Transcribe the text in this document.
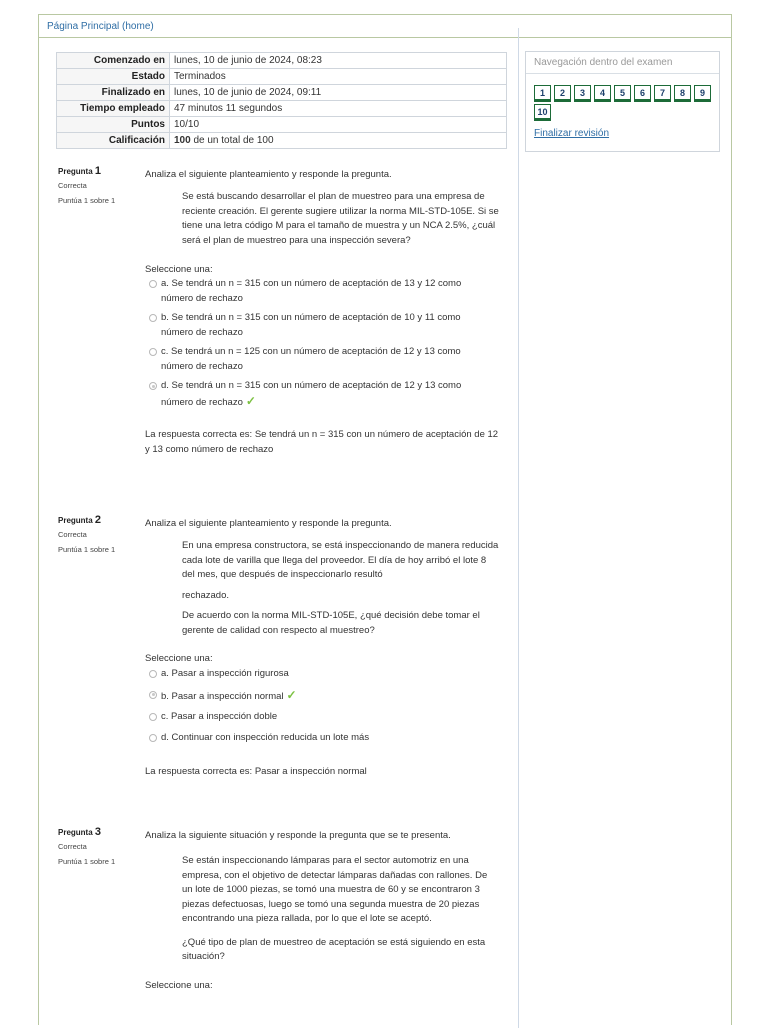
Página Principal (home)
Comenzado en	lunes, 10 de junio de 2024, 08:23
Estado	Terminados
Finalizado en	lunes, 10 de junio de 2024, 09:11
Tiempo empleado	47 minutos 11 segundos
Puntos	10/10
Calificación	100 de un total de 100
Navegación dentro del examen
1	2	3	4	5	6	7	8	9
10
Finalizar revisión
Pregunta 1
Correcta
Puntúa 1 sobre 1

Analiza el siguiente planteamiento y responde la pregunta.

Se está buscando desarrollar el plan de muestreo para una empresa de reciente creación. El gerente sugiere utilizar la norma MIL-STD-105E. Si se tiene una letra código M para el tamaño de muestra y un NCA 2.5%, ¿cuál será el plan de muestreo para una inspección severa?
Seleccione una:
a. Se tendrá un n = 315 con un número de aceptación de 13 y 12 como número de rechazo
b. Se tendrá un n = 315 con un número de aceptación de 10 y 11 como número de rechazo
c. Se tendrá un n = 125 con un número de aceptación de 12 y 13 como número de rechazo
d. Se tendrá un n = 315 con un número de aceptación de 12 y 13 como número de rechazo ✓
La respuesta correcta es: Se tendrá un n = 315 con un número de aceptación de 12 y 13 como número de rechazo
Pregunta 2
Correcta
Puntúa 1 sobre 1

Analiza el siguiente planteamiento y responde la pregunta.

En una empresa constructora, se está inspeccionando de manera reducida cada lote de varilla que llega del proveedor. El día de hoy arribó el lote 8 del mes, que después de inspeccionarlo resultó
rechazado.
De acuerdo con la norma MIL-STD-105E, ¿qué decisión debe tomar el gerente de calidad con respecto al muestreo?
Seleccione una:
a. Pasar a inspección rigurosa
b. Pasar a inspección normal ✓
c. Pasar a inspección doble
d. Continuar con inspección reducida un lote más
La respuesta correcta es: Pasar a inspección normal
Pregunta 3
Correcta
Puntúa 1 sobre 1

Analiza la siguiente situación y responde la pregunta que se te presenta.

Se están inspeccionando lámparas para el sector automotriz en una empresa, con el objetivo de detectar lámparas dañadas con rallones. De un lote de 1000 piezas, se tomó una muestra de 60 y se encontraron 3 piezas defectuosas, luego se tomó una segunda muestra de 20 piezas encontrando una pieza rallada, por lo que el lote se aceptó.
¿Qué tipo de plan de muestreo de aceptación se está siguiendo en esta situación?
Seleccione una:
